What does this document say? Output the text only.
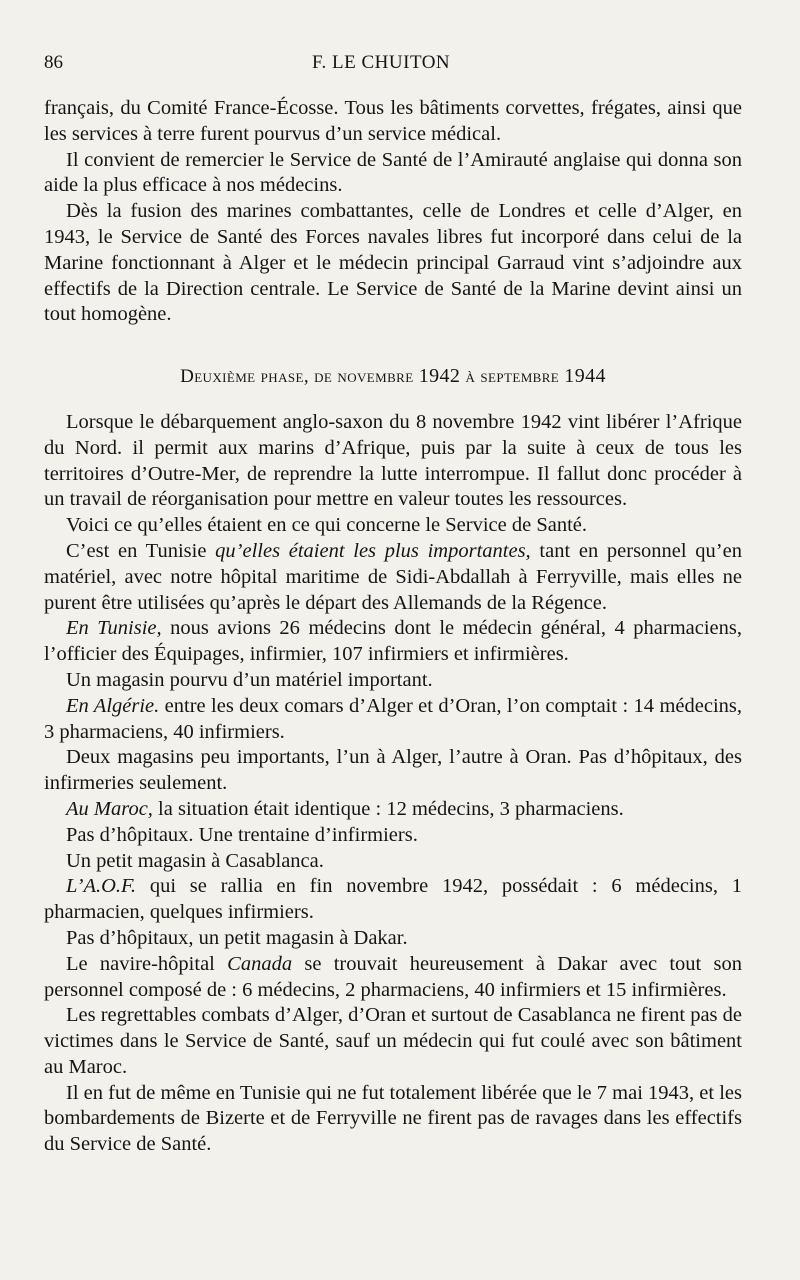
86	F. LE CHUITON

français, du Comité France-Écosse. Tous les bâtiments corvettes, frégates, ainsi que les services à terre furent pourvus d’un service médical.

Il convient de remercier le Service de Santé de l’Amirauté anglaise qui donna son aide la plus efficace à nos médecins.

Dès la fusion des marines combattantes, celle de Londres et celle d’Alger, en 1943, le Service de Santé des Forces navales libres fut incorporé dans celui de la Marine fonctionnant à Alger et le médecin principal Garraud vint s’adjoindre aux effectifs de la Direction centrale. Le Service de Santé de la Marine devint ainsi un tout homogène.

Deuxième phase, de novembre 1942 à septembre 1944

Lorsque le débarquement anglo-saxon du 8 novembre 1942 vint libérer l’Afrique du Nord. il permit aux marins d’Afrique, puis par la suite à ceux de tous les territoires d’Outre-Mer, de reprendre la lutte interrompue. Il fallut donc procéder à un travail de réorganisation pour mettre en valeur toutes les ressources.

Voici ce qu’elles étaient en ce qui concerne le Service de Santé.

C’est en Tunisie qu’elles étaient les plus importantes, tant en personnel qu’en matériel, avec notre hôpital maritime de Sidi-Abdallah à Ferryville, mais elles ne purent être utilisées qu’après le départ des Allemands de la Régence.

En Tunisie, nous avions 26 médecins dont le médecin général, 4 pharmaciens, l’officier des Équipages, infirmier, 107 infirmiers et infirmières.

Un magasin pourvu d’un matériel important.

En Algérie. entre les deux comars d’Alger et d’Oran, l’on comptait : 14 médecins, 3 pharmaciens, 40 infirmiers.

Deux magasins peu importants, l’un à Alger, l’autre à Oran. Pas d’hôpitaux, des infirmeries seulement.

Au Maroc, la situation était identique : 12 médecins, 3 pharmaciens.

Pas d’hôpitaux. Une trentaine d’infirmiers.

Un petit magasin à Casablanca.

L’A.O.F. qui se rallia en fin novembre 1942, possédait : 6 médecins, 1 pharmacien, quelques infirmiers.

Pas d’hôpitaux, un petit magasin à Dakar.

Le navire-hôpital Canada se trouvait heureusement à Dakar avec tout son personnel composé de : 6 médecins, 2 pharmaciens, 40 infirmiers et 15 infirmières.

Les regrettables combats d’Alger, d’Oran et surtout de Casablanca ne firent pas de victimes dans le Service de Santé, sauf un médecin qui fut coulé avec son bâtiment au Maroc.

Il en fut de même en Tunisie qui ne fut totalement libérée que le 7 mai 1943, et les bombardements de Bizerte et de Ferryville ne firent pas de ravages dans les effectifs du Service de Santé.
